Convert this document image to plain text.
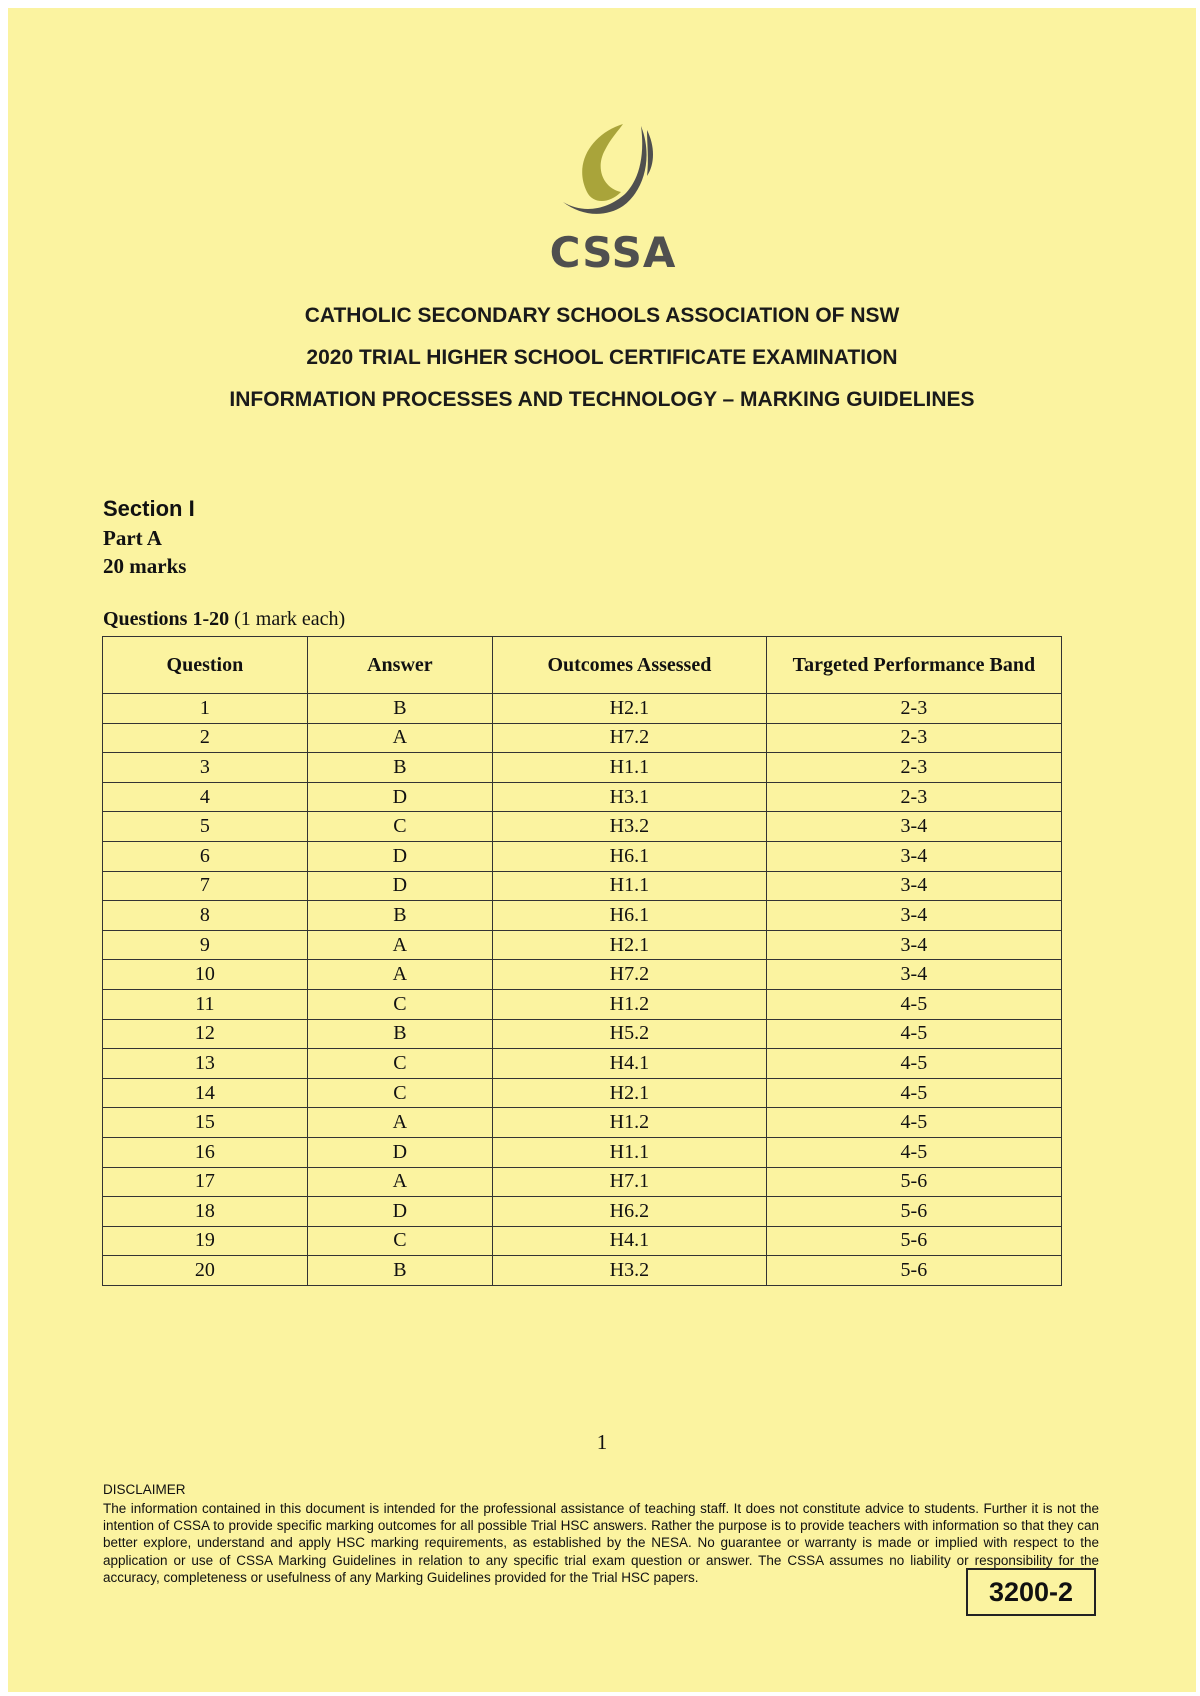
CSSA
CATHOLIC SECONDARY SCHOOLS ASSOCIATION OF NSW
2020 TRIAL HIGHER SCHOOL CERTIFICATE EXAMINATION
INFORMATION PROCESSES AND TECHNOLOGY – MARKING GUIDELINES
Section I
Part A
20 marks
Questions 1-20 (1 mark each)
Question	Answer	Outcomes Assessed	Targeted Performance Band
1	B	H2.1	2-3
2	A	H7.2	2-3
3	B	H1.1	2-3
4	D	H3.1	2-3
5	C	H3.2	3-4
6	D	H6.1	3-4
7	D	H1.1	3-4
8	B	H6.1	3-4
9	A	H2.1	3-4
10	A	H7.2	3-4
11	C	H1.2	4-5
12	B	H5.2	4-5
13	C	H4.1	4-5
14	C	H2.1	4-5
15	A	H1.2	4-5
16	D	H1.1	4-5
17	A	H7.1	5-6
18	D	H6.2	5-6
19	C	H4.1	5-6
20	B	H3.2	5-6
1
DISCLAIMER
The information contained in this document is intended for the professional assistance of teaching staff. It does not constitute advice to students. Further it is not the intention of CSSA to provide specific marking outcomes for all possible Trial HSC answers. Rather the purpose is to provide teachers with information so that they can better explore, understand and apply HSC marking requirements, as established by the NESA. No guarantee or warranty is made or implied with respect to the application or use of CSSA Marking Guidelines in relation to any specific trial exam question or answer. The CSSA assumes no liability or responsibility for the accuracy, completeness or usefulness of any Marking Guidelines provided for the Trial HSC papers.	3200-2
